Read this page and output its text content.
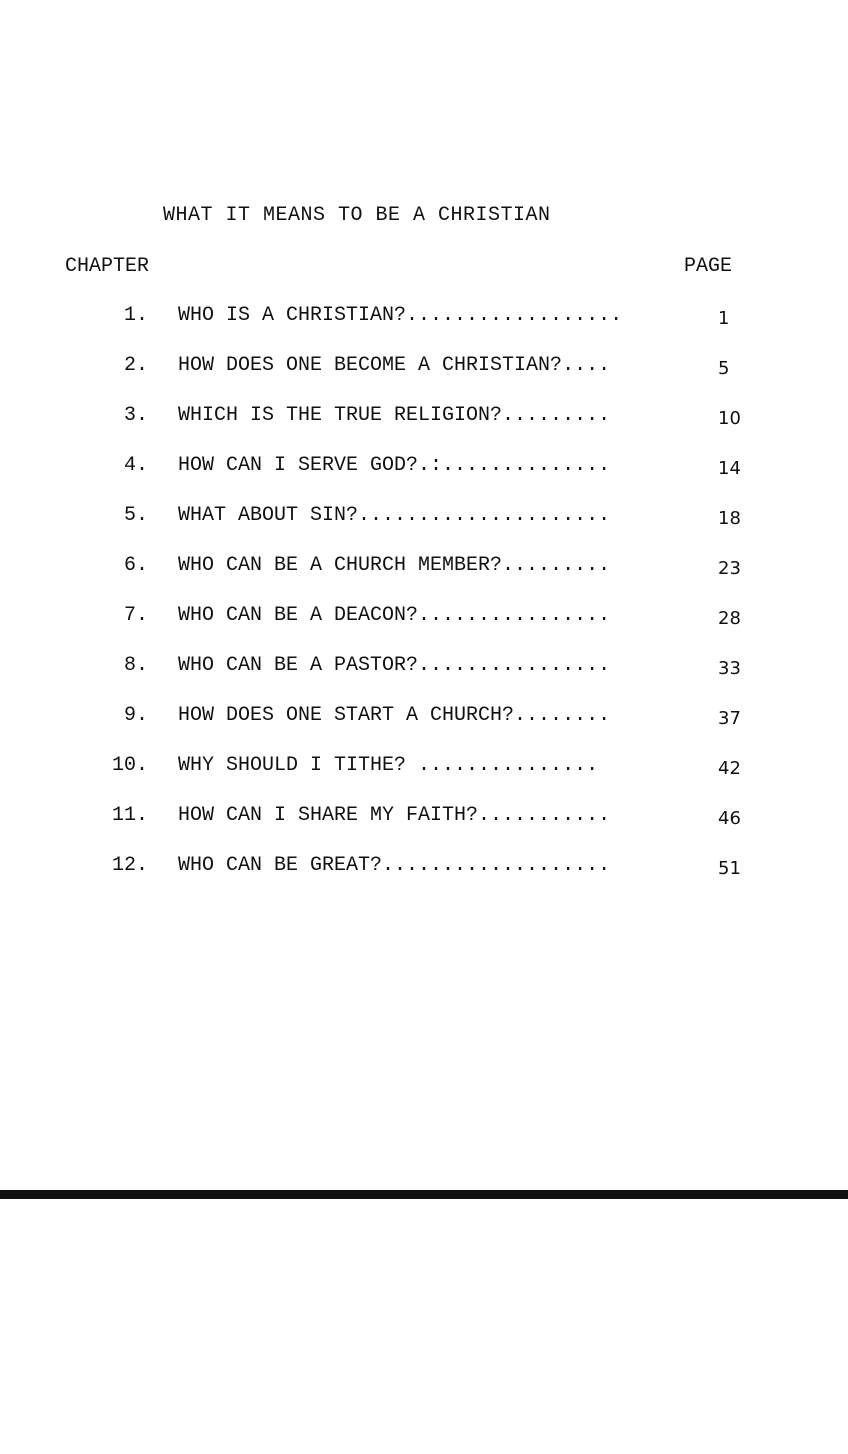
WHAT IT MEANS TO BE A CHRISTIAN
CHAPTER	PAGE
1. WHO IS A CHRISTIAN?..................	1
2. HOW DOES ONE BECOME A CHRISTIAN?....	5
3. WHICH IS THE TRUE RELIGION?.........	10
4. HOW CAN I SERVE GOD?.:..............	14
5. WHAT ABOUT SIN?.....................	18
6. WHO CAN BE A CHURCH MEMBER?.........	23
7. WHO CAN BE A DEACON?................	28
8. WHO CAN BE A PASTOR?................	33
9. HOW DOES ONE START A CHURCH?........	37
10. WHY SHOULD I TITHE? ...............	42
11. HOW CAN I SHARE MY FAITH?...........	46
12. WHO CAN BE GREAT?...................	51
